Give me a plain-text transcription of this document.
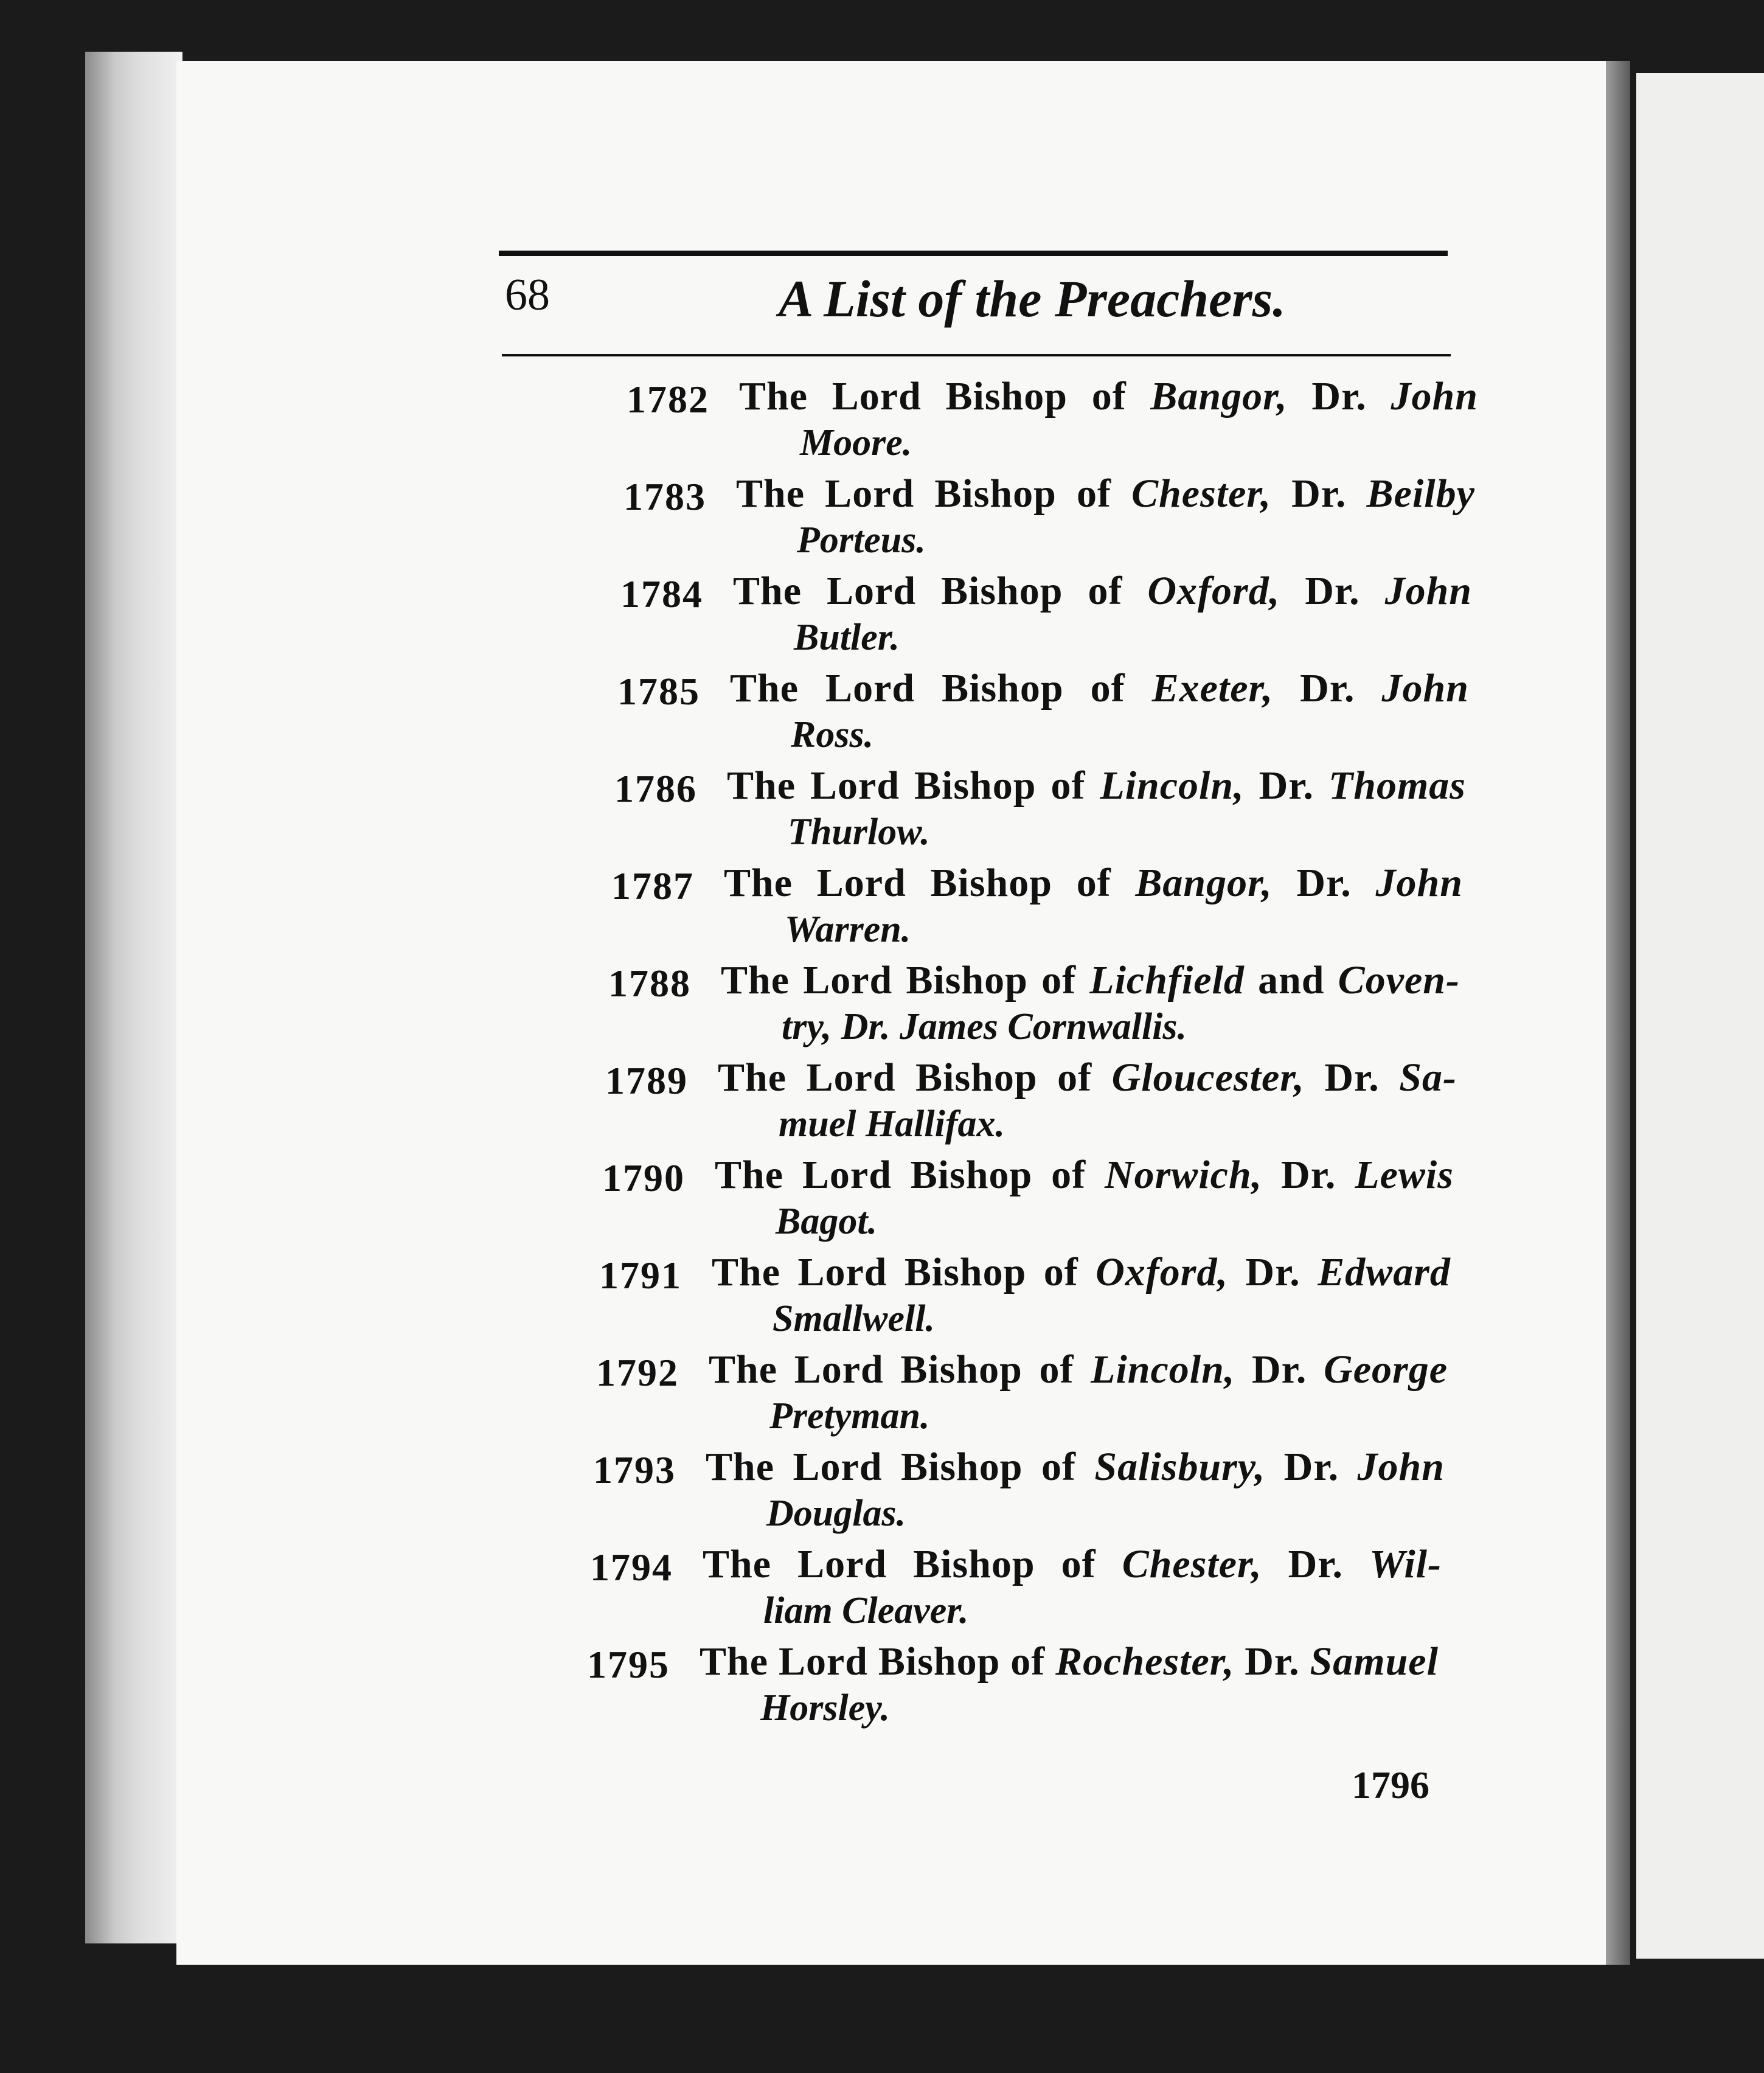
68	A List of the Preachers.
1782 The Lord Bishop of Bangor, Dr. John
Moore.
1783 The Lord Bishop of Chester, Dr. Beilby
Porteus.
1784 The Lord Bishop of Oxford, Dr. John
Butler.
1785 The Lord Bishop of Exeter, Dr. John
Ross.
1786 The Lord Bishop of Lincoln, Dr. Thomas
Thurlow.
1787 The Lord Bishop of Bangor, Dr. John
Warren.
1788 The Lord Bishop of Lichfield and Coven-
try, Dr. James Cornwallis.
1789 The Lord Bishop of Gloucester, Dr. Sa-
muel Hallifax.
1790 The Lord Bishop of Norwich, Dr. Lewis
Bagot.
1791 The Lord Bishop of Oxford, Dr. Edward
Smallwell.
1792 The Lord Bishop of Lincoln, Dr. George
Pretyman.
1793 The Lord Bishop of Salisbury, Dr. John
Douglas.
1794 The Lord Bishop of Chester, Dr. Wil-
liam Cleaver.
1795 The Lord Bishop of Rochester, Dr. Samuel
Horsley.
1796
